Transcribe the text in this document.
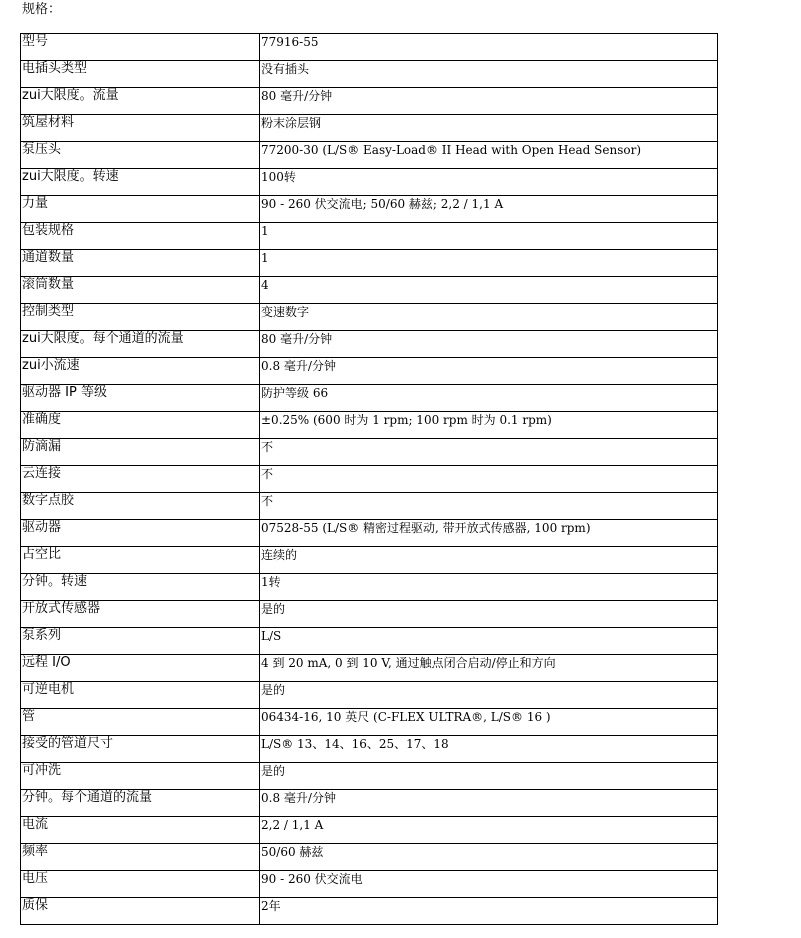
规格：
型号	77916-55
电插头类型	没有插头
zui大限度。流量	80 毫升/分钟
筑屋材料	粉末涂层钢
泵压头	77200-30 (L/S® Easy-Load® II Head with Open Head Sensor)
zui大限度。转速	100转
力量	90 - 260 伏交流电; 50/60 赫兹; 2,2 / 1,1 A
包装规格	1
通道数量	1
滚筒数量	4
控制类型	变速数字
zui大限度。每个通道的流量	80 毫升/分钟
zui小流速	0.8 毫升/分钟
驱动器 IP 等级	防护等级 66
准确度	±0.25% (600 时为 1 rpm; 100 rpm 时为 0.1 rpm)
防滴漏	不
云连接	不
数字点胶	不
驱动器	07528-55 (L/S® 精密过程驱动, 带开放式传感器, 100 rpm)
占空比	连续的
分钟。转速	1转
开放式传感器	是的
泵系列	L/S
远程 I/O	4 到 20 mA, 0 到 10 V, 通过触点闭合启动/停止和方向
可逆电机	是的
管	06434-16, 10 英尺 (C-FLEX ULTRA®, L/S® 16 )
接受的管道尺寸	L/S® 13、14、16、25、17、18
可冲洗	是的
分钟。每个通道的流量	0.8 毫升/分钟
电流	2,2 / 1,1 A
频率	50/60 赫兹
电压	90 - 260 伏交流电
质保	2年
